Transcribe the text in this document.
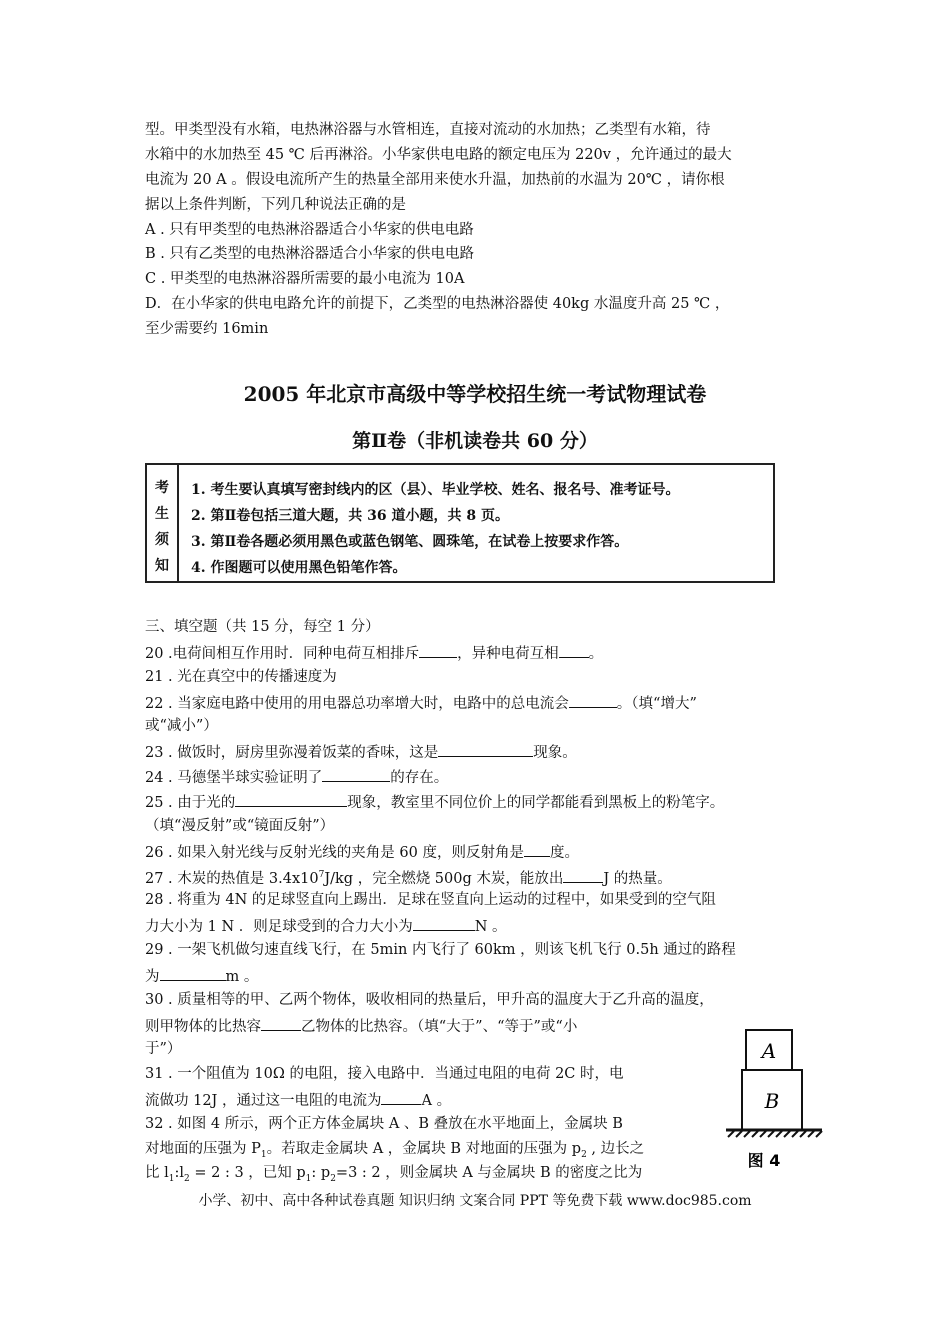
型。甲类型没有水箱，电热淋浴器与水管相连，直接对流动的水加热；乙类型有水箱，待
水箱中的水加热至 45 ℃ 后再淋浴。小华家供电电路的额定电压为 220v ，允许通过的最大
电流为 20 A 。假设电流所产生的热量全部用来使水升温，加热前的水温为 20℃ ，请你根
据以上条件判断，下列几种说法正确的是
A . 只有甲类型的电热淋浴器适合小华家的供电电路
B . 只有乙类型的电热淋浴器适合小华家的供电电路
C . 甲类型的电热淋浴器所需要的最小电流为 10A
D．在小华家的供电电路允许的前提下，乙类型的电热淋浴器使 40kg 水温度升高 25 ℃ ，
至少需要约 16min
2005 年北京市高级中等学校招生统一考试物理试卷
第Ⅱ卷（非机读卷共 60 分）
考
生
须
知
1. 考生要认真填写密封线内的区（县）、毕业学校、姓名、报名号、准考证号。
2. 第Ⅱ卷包括三道大题，共 36 道小题，共 8 页。
3. 第Ⅱ卷各题必须用黑色或蓝色钢笔、圆珠笔，在试卷上按要求作答。
4. 作图题可以使用黑色铅笔作答。
三、填空题（共 15 分，每空 1 分）
20 .电荷间相互作用时．同种电荷互相排斥	，异种电荷互相 。
21 . 光在真空中的传播速度为
22 . 当家庭电路中使用的用电器总功率增大时，电路中的总电流会	。（填“增大”
或“减小”）
23 . 做饭时，厨房里弥漫着饭菜的香味，这是	现象。
24 . 马德堡半球实验证明了	的存在。
25 . 由于光的	现象，教室里不同位价上的同学都能看到黑板上的粉笔字。
（填“漫反射”或“镜面反射”）
26 . 如果入射光线与反射光线的夹角是 60 度，则反射角是 度。
27 . 木炭的热值是 $3.4x10^7J/kg$ ，完全燃烧 500g 木炭，能放出	J 的热量。
28 . 将重为 4N 的足球竖直向上踢出．足球在竖直向上运动的过程中，如果受到的空气阻
力大小为 1 N ．则足球受到的合力大小为	N 。
29 . 一架飞机做匀速直线飞行，在 5min 内飞行了 60km ，则该飞机飞行 0.5h 通过的路程
为	m 。
30 . 质量相等的甲、乙两个物体，吸收相同的热量后，甲升高的温度大于乙升高的温度，
则甲物体的比热容	乙物体的比热容。（填“大于”、“等于”或“小
于”）
31 . 一个阻值为 10Ω 的电阻，接入电路中．当通过电阻的电荷 2C 时，电
流做功 12J ，通过这一电阻的电流为	A 。
32 . 如图 4 所示，两个正方体金属块 A 、B 叠放在水平地面上，金属块 B
对地面的压强为 $P_1$。若取走金属块 A ，金属块 B 对地面的压强为 $p_2$ , 边长之
比 $l_1:l_2 = 2$ : 3 ，已知 $p_1$: $p_2=3$ : 2 ，则金属块 A 与金属块 B 的密度之比为
A
B
图 4
小学、初中、高中各种试卷真题 知识归纳 文案合同 PPT 等免费下载 www.doc985.com
